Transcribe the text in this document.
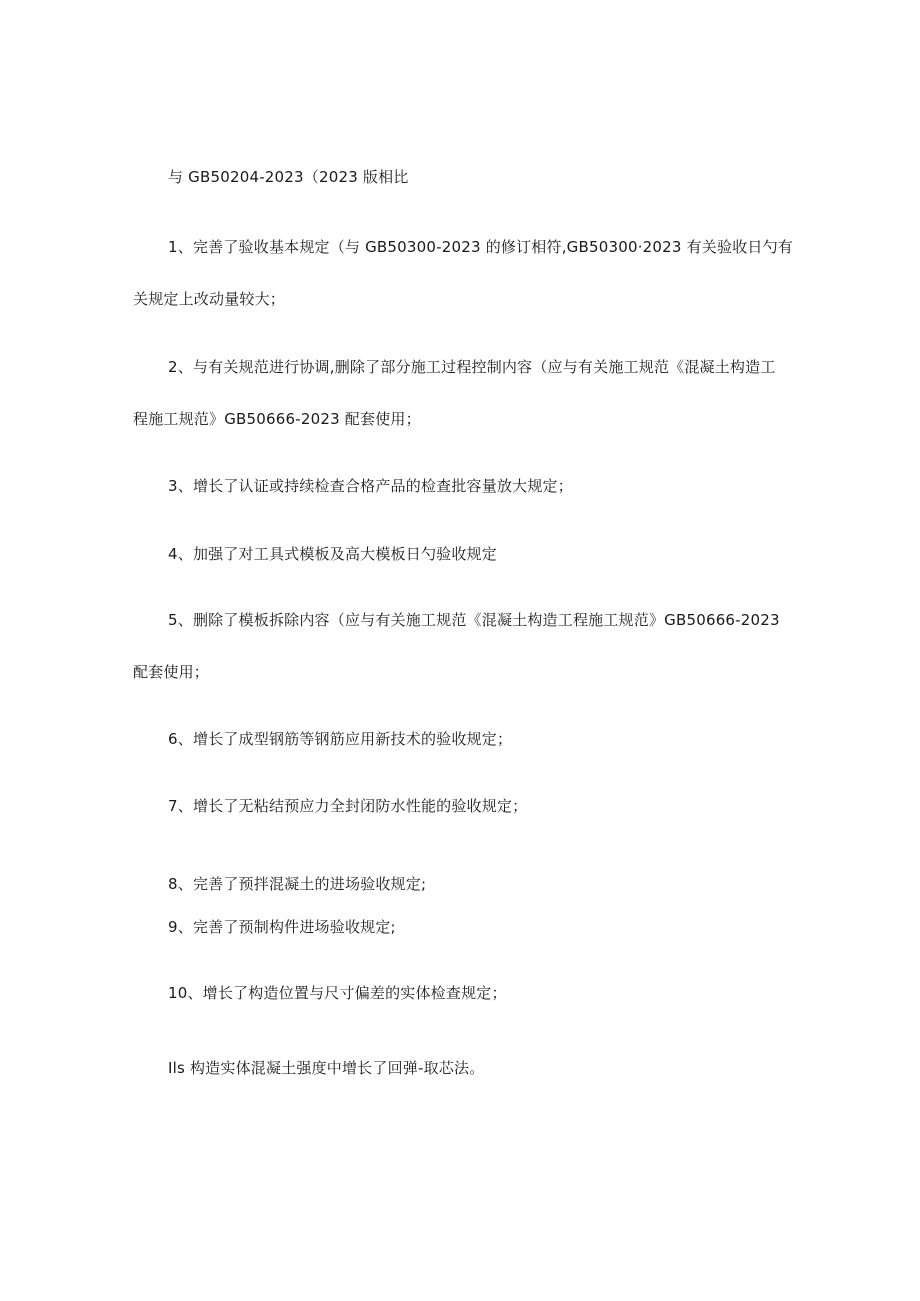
与 GB50204-2023（2023 版相比
1、完善了验收基本规定（与 GB50300-2023 的修订相符,GB50300·2023 有关验收日勺有
关规定上改动量较大；
2、与有关规范进行协调,删除了部分施工过程控制内容（应与有关施工规范《混凝土构造工
程施工规范》GB50666-2023 配套使用；
3、增长了认证或持续检查合格产品的检查批容量放大规定；
4、加强了对工具式模板及高大模板日勺验收规定
5、删除了模板拆除内容（应与有关施工规范《混凝土构造工程施工规范》GB50666-2023
配套使用；
6、增长了成型钢筋等钢筋应用新技术的验收规定；
7、增长了无粘结预应力全封闭防水性能的验收规定；
8、完善了预拌混凝土的进场验收规定;
9、完善了预制构件进场验收规定;
10、增长了构造位置与尺寸偏差的实体检查规定；
Ils 构造实体混凝土强度中增长了回弹-取芯法。
